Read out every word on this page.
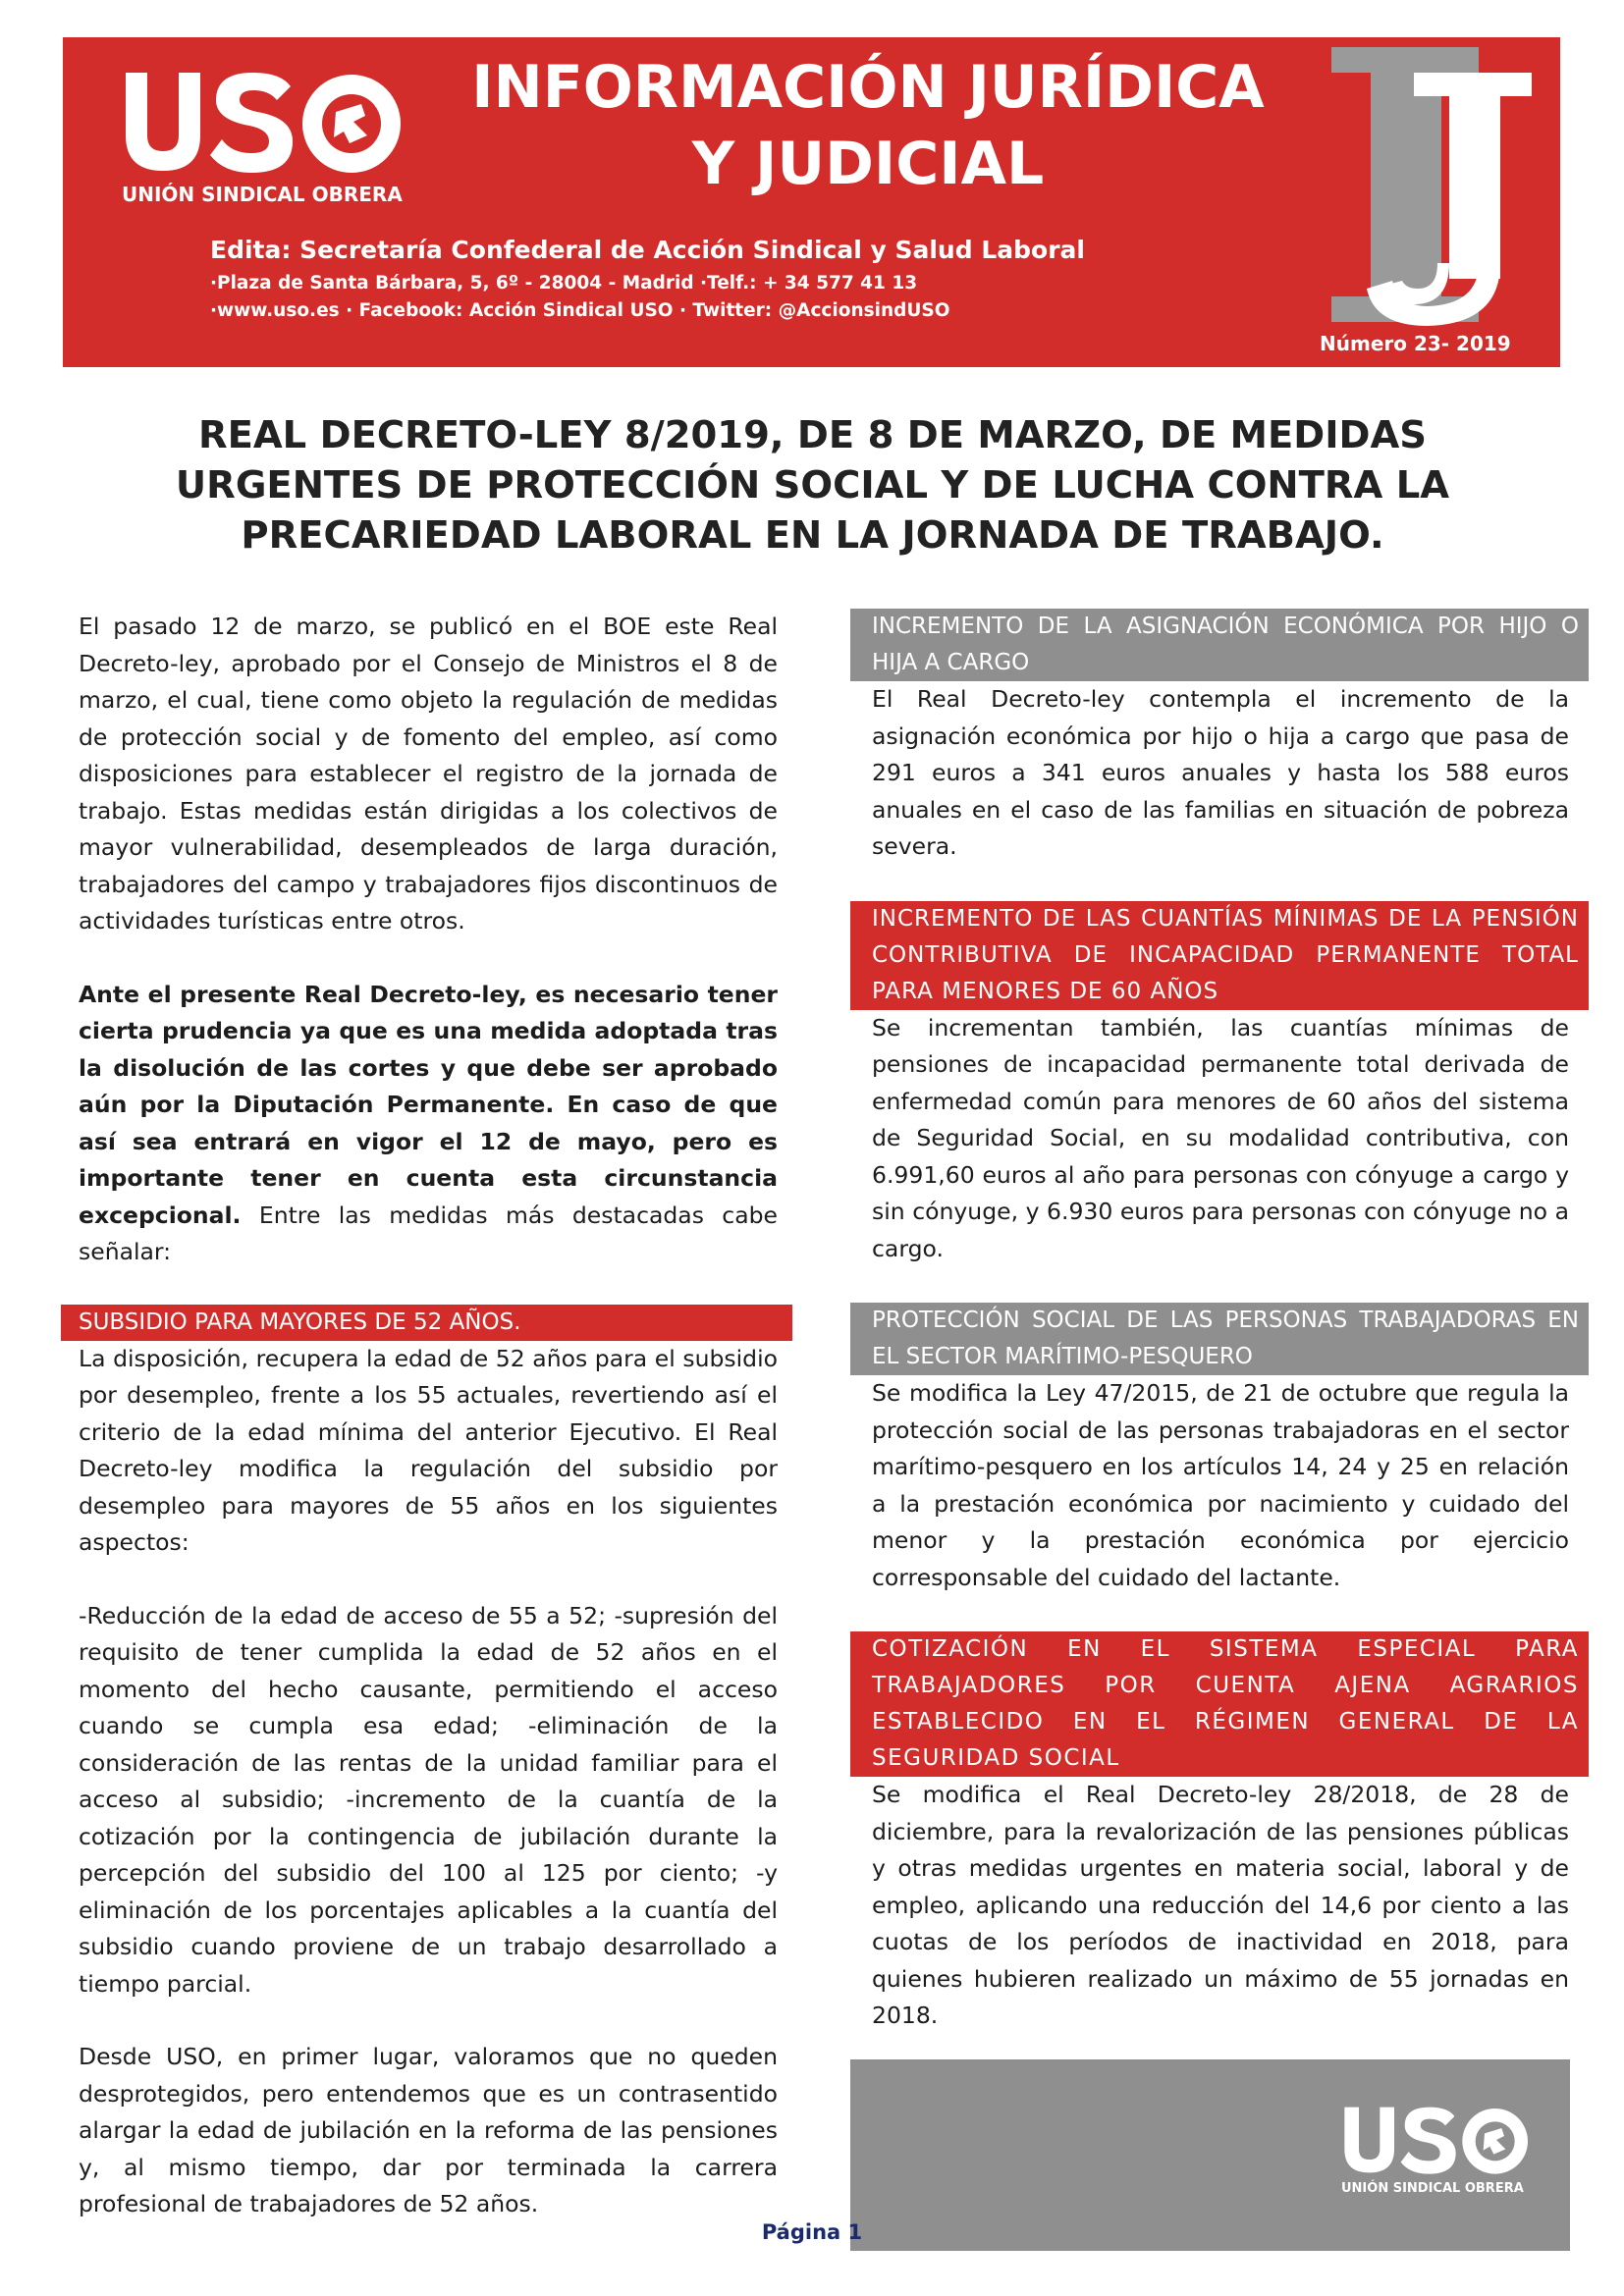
UNIÓN SINDICAL OBRERA
INFORMACIÓN JURÍDICA
Y JUDICIAL
Edita: Secretaría Confederal de Acción Sindical y Salud Laboral
·Plaza de Santa Bárbara, 5, 6º - 28004 - Madrid ·Telf.: + 34 577 41 13
·www.uso.es · Facebook: Acción Sindical USO · Twitter: @AccionsindUSO
Número 23- 2019
REAL DECRETO-LEY 8/2019, DE 8 DE MARZO, DE MEDIDAS
URGENTES DE PROTECCIÓN SOCIAL Y DE LUCHA CONTRA LA
PRECARIEDAD LABORAL EN LA JORNADA DE TRABAJO.

El pasado 12 de marzo, se publicó en el BOE este Real Decreto-ley, aprobado por el Consejo de Ministros el 8 de marzo, el cual, tiene como objeto la regulación de medidas de protección social y de fomento del empleo, así como disposiciones para establecer el registro de la jornada de trabajo. Estas medidas están dirigidas a los colectivos de mayor vulnerabilidad, desempleados de larga duración, trabajadores del campo y trabajadores fijos discontinuos de actividades turísticas entre otros.

Ante el presente Real Decreto-ley, es necesario tener cierta prudencia ya que es una medida adoptada tras la disolución de las cortes y que debe ser aprobado aún por la Diputación Permanente. En caso de que así sea entrará en vigor el 12 de mayo, pero es importante tener en cuenta esta circunstancia excepcional. Entre las medidas más destacadas cabe señalar:

SUBSIDIO PARA MAYORES DE 52 AÑOS.

La disposición, recupera la edad de 52 años para el subsidio por desempleo, frente a los 55 actuales, revertiendo así el criterio de la edad mínima del anterior Ejecutivo. El Real Decreto-ley modifica la regulación del subsidio por desempleo para mayores de 55 años en los siguientes aspectos:

-Reducción de la edad de acceso de 55 a 52; -supresión del requisito de tener cumplida la edad de 52 años en el momento del hecho causante, permitiendo el acceso cuando se cumpla esa edad; -eliminación de la consideración de las rentas de la unidad familiar para el acceso al subsidio; -incremento de la cuantía de la cotización por la contingencia de jubilación durante la percepción del subsidio del 100 al 125 por ciento; -y eliminación de los porcentajes aplicables a la cuantía del subsidio cuando proviene de un trabajo desarrollado a tiempo parcial.

Desde USO, en primer lugar, valoramos que no queden desprotegidos, pero entendemos que es un contrasentido alargar la edad de jubilación en la reforma de las pensiones y, al mismo tiempo, dar por terminada la carrera profesional de trabajadores de 52 años.

INCREMENTO DE LA ASIGNACIÓN ECONÓMICA POR HIJO O HIJA A CARGO

El Real Decreto-ley contempla el incremento de la asignación económica por hijo o hija a cargo que pasa de 291 euros a 341 euros anuales y hasta los 588 euros anuales en el caso de las familias en situación de pobreza severa.

INCREMENTO DE LAS CUANTÍAS MÍNIMAS DE LA PENSIÓN CONTRIBUTIVA DE INCAPACIDAD PERMANENTE TOTAL PARA MENORES DE 60 AÑOS

Se incrementan también, las cuantías mínimas de pensiones de incapacidad permanente total derivada de enfermedad común para menores de 60 años del sistema de Seguridad Social, en su modalidad contributiva, con 6.991,60 euros al año para personas con cónyuge a cargo y sin cónyuge, y 6.930 euros para personas con cónyuge no a cargo.

PROTECCIÓN SOCIAL DE LAS PERSONAS TRABAJADORAS EN EL SECTOR MARÍTIMO-PESQUERO

Se modifica la Ley 47/2015, de 21 de octubre que regula la protección social de las personas trabajadoras en el sector marítimo-pesquero en los artículos 14, 24 y 25 en relación a la prestación económica por nacimiento y cuidado del menor y la prestación económica por ejercicio corresponsable del cuidado del lactante.

COTIZACIÓN EN EL SISTEMA ESPECIAL PARA TRABAJADORES POR CUENTA AJENA AGRARIOS ESTABLECIDO EN EL RÉGIMEN GENERAL DE LA SEGURIDAD SOCIAL

Se modifica el Real Decreto-ley 28/2018, de 28 de diciembre, para la revalorización de las pensiones públicas y otras medidas urgentes en materia social, laboral y de empleo, aplicando una reducción del 14,6 por ciento a las cuotas de los períodos de inactividad en 2018, para quienes hubieren realizado un máximo de 55 jornadas en 2018.

UNIÓN SINDICAL OBRERA
Página 1
